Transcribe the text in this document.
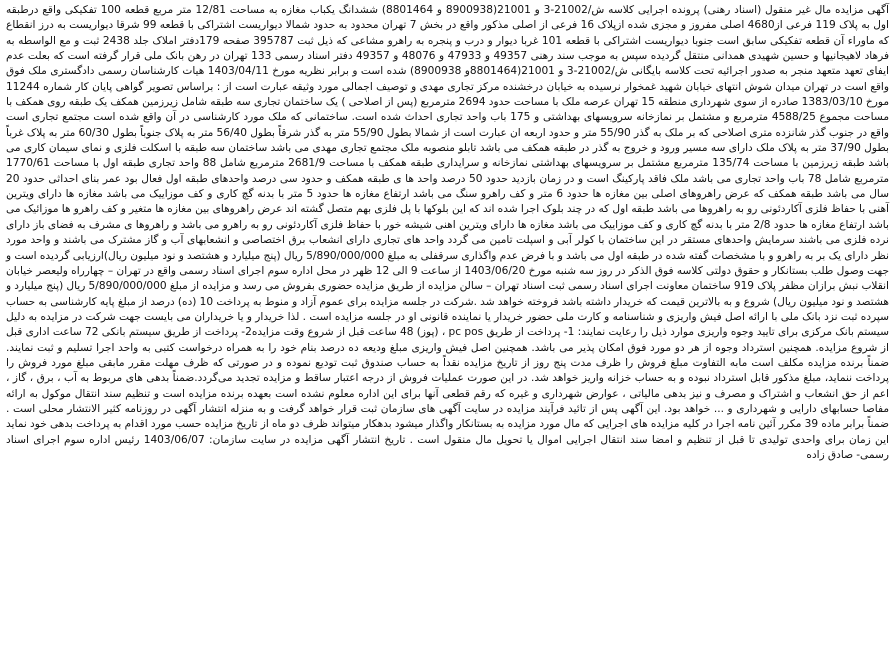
آگهی مزایده مال غیر منقول (اسناد رهنی) پرونده اجرایی کلاسه ش/21002-3 و 21001(8900938 و 8801464) ششدانگ یکباب مغازه به مساحت 12/81 متر مربع قطعه 100 تفکیکی واقع درطبقه اول به پلاک 119 فرعی از4680 اصلی مفروز و مجزی شده ازپلاک 16 فرعی از اصلی مذکور واقع در بخش 7 تهران محدود به حدود شمالا دیواریست اشتراکی با قطعه 99 شرقا دیواریست به درز انقطاع که ماوراء آن قطعه تفکیکی سابق است جنوبا دیواریست اشتراکی با قطعه 101 غربا دیوار و درب و پنجره به راهرو مشاعی که ذیل ثبت 395787 صفحه 179دفتر املاک جلد 2438 ثبت و مع الواسطه به فرهاد لاهیجانیها و حسین شهیدی همدانی منتقل گردیده سپس به موجب سند رهنی 49357 و 47933 و 48076 و 49357 دفتر اسناد رسمی 133 تهران در رهن بانک ملی قرار گرفته است که بعلت عدم ایفای تعهد متعهد منجر به صدور اجرائیه تحت کلاسه بایگانی ش/21002-3 و 21001(8801464و 8900938) شده است و برابر نظریه مورخ 1403/04/11 هیات کارشناسان رسمی دادگستری ملک فوق واقع است در تهران میدان شوش انتهای خیابان شهید غمخوار نرسیده به خیابان درخشنده مرکز تجاری مهدی و توصیف اجمالی مورد وثیقه عبارت است از : براساس تصویر گواهی پایان کار شماره 11244 مورخ 1383/03/10 صادره از سوی شهرداری منطقه 15 تهران عرصه ملک با مساحت حدود 2694 مترمربع (پس از اصلاحی ) یک ساختمان تجاری سه طبقه شامل زیرزمین همکف یک طبقه روی همکف با مساحت مجموع 4588/25 مترمربع و مشتمل بر نمازخانه سرویسهای بهداشتی و 175 باب واحد تجاری احداث شده است. ساختمانی که ملک مورد کارشناسی در آن واقع شده است مجتمع تجاری است واقع در جنوب گذر شانزده متری اصلاحی که بر ملک به گذر 55/90 متر و حدود اربعه ان عبارت است از شمالا بطول 55/90 متر به گذر شرقاً بطول 56/40 متر به پلاک جنوباً بطول 60/30 متر به پلاک غرباً بطول 37/90 متر به پلاک ملک دارای سه مسیر ورود و خروج به گذر در طبقه همکف می باشد تابلو منصوبه ملک مجتمع تجاری مهدی می باشد ساختمان سه طبقه با اسکلت فلزی و نمای سیمان کاری می باشد طبقه زیرزمین با مساحت 135/74 مترمربع مشتمل بر سرویسهای بهداشتی نمازخانه و سرایداری طبقه همکف با مساحت 2681/9 مترمربع شامل 88 واحد تجاری طبقه اول با مساحت 1770/61 مترمربع شامل 78 باب واحد تجاری می باشد ملک فاقد پارکینگ است و در زمان بازدید حدود 50 درصد واحد ها ی طبقه همکف و حدود سی درصد واحدهای طبقه اول فعال بود عمر بنای احداثی حدود 20 سال می باشد طبقه همکف که عرض راهروهای اصلی بین مغازه ها حدود 6 متر و کف راهرو سنگ می باشد ارتفاع مغازه ها حدود 5 متر با بدنه گچ کاری و کف موزاییک می باشد مغازه ها دارای ویترین آهنی با حفاظ فلزی آکاردئونی رو به راهروها می باشد طبقه اول که در چند بلوک اجرا شده اند که این بلوکها با پل فلزی بهم متصل گشته اند عرض راهروهای بین مغازه ها متغیر و کف راهرو ها موزائیک می باشد ارتفاع مغازه ها حدود 2/8 متر با بدنه گچ کاری و کف موزاییک می باشد مغازه ها دارای ویترین اهنی شیشه خور با حفاظ فلزی آکاردئونی رو به راهرو می باشد و راهروها ی مشرف به فضای باز دارای نرده فلزی می باشند سرمایش واحدهای مستقر در این ساختمان با کولر آبی و اسپلت تامین می گردد واحد های تجاری دارای انشعاب برق اختصاصی و انشعابهای آب و گاز مشترک می باشند و واحد مورد نظر دارای یک بر به راهرو و با مشخصات گفته شده در طبقه اول می باشد و با فرض عدم واگذاری سرقفلی به مبلغ 5/890/000/000 ریال (پنج میلیارد و هشتصد و نود میلیون ریال)ارزیابی گردیده است و جهت وصول طلب بستانکار و حقوق دولتی کلاسه فوق الذکر در روز سه شنبه مورخ 1403/06/20 از ساعت 9 الی 12 ظهر در محل اداره سوم اجرای اسناد رسمی واقع در تهران – چهارراه ولیعصر خیابان انقلاب نبش برازان مظفر پلاک 919 ساختمان معاونت اجرای اسناد رسمی ثبت اسناد تهران – سالن مزایده از طریق مزایده حضوری بفروش می رسد و مزایده از مبلغ 5/890/000/000 ریال (پنج میلیارد و هشتصد و نود میلیون ریال) شروع و به بالاترین قیمت که خریدار داشته باشد فروخته خواهد شد .شرکت در جلسه مزایده برای عموم آزاد و منوط به پرداخت 10 (ده) درصد از مبلغ پایه کارشناسی به حساب سپرده ثبت نزد بانک ملی با ارائه اصل فیش واریزی و شناسنامه و کارت ملی حضور خریدار یا نماینده قانونی او در جلسه مزایده است . لذا خریدار و یا خریداران می بایست جهت شرکت در مزایده به دلیل سیستم بانک مرکزی برای تایید وجوه واریزی موارد ذیل را رعایت نمایند: 1- پرداخت از طریق pc pos ، (پوز) 48 ساعت قبل از شروع وقت مزایده2- پرداخت از طریق سیستم بانکی 72 ساعت اداری قبل از شروع مزایده. همچنین استرداد وجوه از هر دو مورد فوق امکان پذیر می باشد. همچنین اصل فیش واریزی مبلغ ودیعه ده درصد بنام خود را به همراه درخواست کتبی به واحد اجرا تسلیم و ثبت نمایند. ضمناً برنده مزایده مکلف است مابه التفاوت مبلغ فروش را ظرف مدت پنج روز از تاریخ مزایده نقداً به حساب صندوق ثبت تودیع نموده و در صورتی که ظرف مهلت مقرر مابقی مبلغ مورد فروش را پرداخت ننماید، مبلغ مذکور قابل استرداد نبوده و به حساب خزانه واریز خواهد شد. در این صورت عملیات فروش از درجه اعتبار ساقط و مزایده تجدید می‌گردد.ضمناً بدهی های مربوط به آب ، برق ، گاز ، اعم از حق انشعاب و اشتراک و مصرف و نیز بدهی مالیاتی ، عوارض شهرداری و غیره که رقم قطعی آنها برای این اداره معلوم نشده است بعهده برنده مزایده است و تنظیم سند انتقال موکول به ارائه مفاصا حسابهای دارایی و شهرداری و ... خواهد بود. این آگهی پس از تائید فرآیند مزایده در سایت آگهی های سازمان ثبت قرار خواهد گرفت و به منزله انتشار آگهی در روزنامه کثیر الانتشار محلی است . ضمناً برابر ماده 39 مکرر آئین نامه اجرا در کلیه مزایده های اجرایی که مال مورد مزایده به بستانکار واگذار میشود بدهکار میتواند ظرف دو ماه از تاریخ مزایده حسب مورد اقدام به پرداخت بدهی خود نماید این زمان برای واحدی تولیدی تا قبل از تنظیم و امضا سند انتقال اجرایی اموال یا تحویل مال منقول است . تاریخ انتشار آگهی مزایده در سایت سازمان: 1403/06/07 رئیس اداره سوم اجرای اسناد رسمی- صادق زاده
